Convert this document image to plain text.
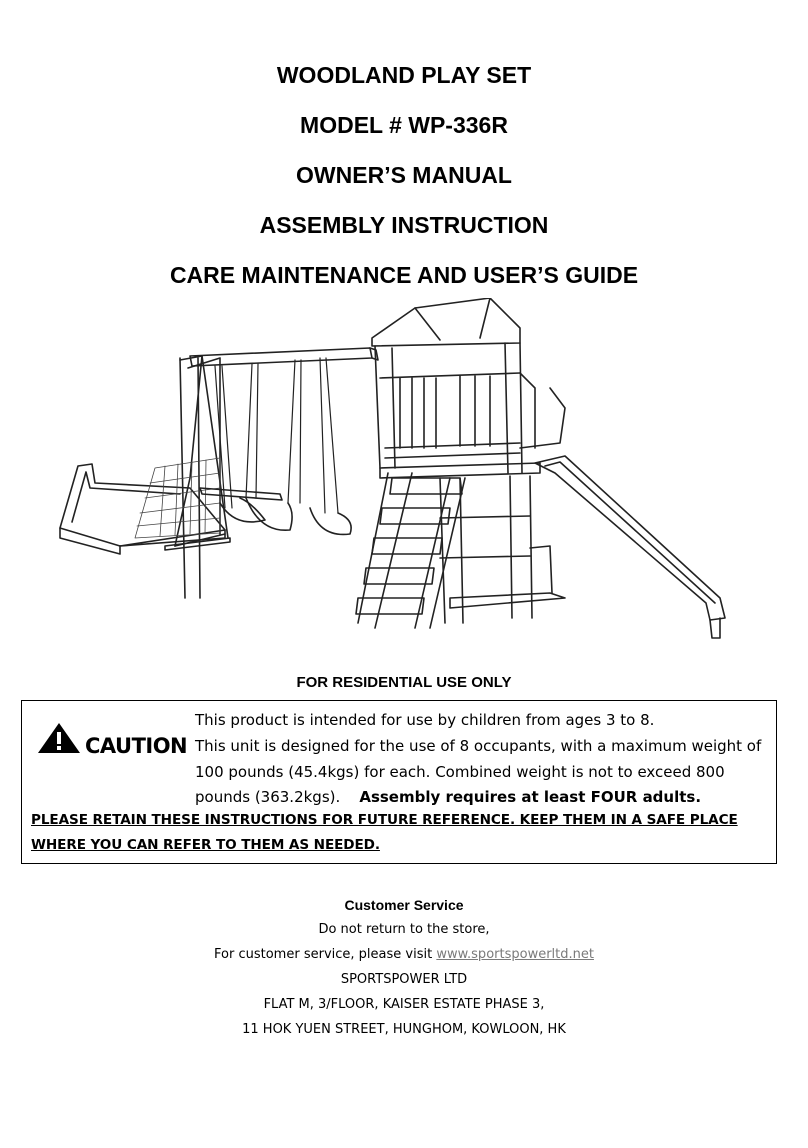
WOODLAND PLAY SET
MODEL # WP-336R
OWNER’S MANUAL
ASSEMBLY INSTRUCTION
CARE MAINTENANCE AND USER’S GUIDE
FOR RESIDENTIAL USE ONLY
CAUTION
This product is intended for use by children from ages 3 to 8.
This unit is designed for the use of 8 occupants, with a maximum weight of
100 pounds (45.4kgs) for each. Combined weight is not to exceed 800
pounds (363.2kgs). Assembly requires at least FOUR adults.
PLEASE RETAIN THESE INSTRUCTIONS FOR FUTURE REFERENCE. KEEP THEM IN A SAFE PLACE
WHERE YOU CAN REFER TO THEM AS NEEDED.
Customer Service
Do not return to the store,
For customer service, please visit www.sportspowerltd.net
SPORTSPOWER LTD
FLAT M, 3/FLOOR, KAISER ESTATE PHASE 3,
11 HOK YUEN STREET, HUNGHOM, KOWLOON, HK
